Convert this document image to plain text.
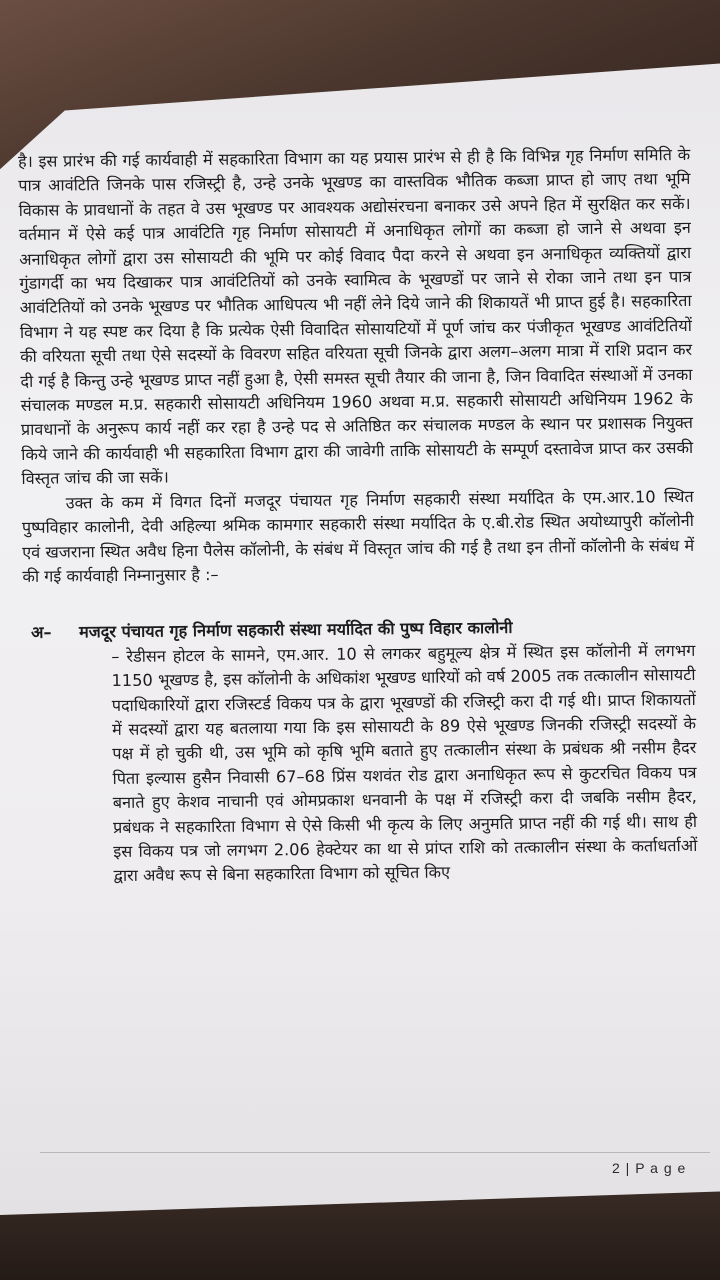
है। इस प्रारंभ की गई कार्यवाही में सहकारिता विभाग का यह प्रयास प्रारंभ से ही है कि विभिन्न गृह निर्माण समिति के पात्र आवंटिति जिनके पास रजिस्ट्री है, उन्हे उनके भूखण्ड का वास्तविक भौतिक कब्जा प्राप्त हो जाए तथा भूमि विकास के प्रावधानों के तहत वे उस भूखण्ड पर आवश्यक अद्योसंरचना बनाकर उसे अपने हित में सुरक्षित कर सकें। वर्तमान में ऐसे कई पात्र आवंटिति गृह निर्माण सोसायटी में अनाधिकृत लोगों का कब्जा हो जाने से अथवा इन अनाधिकृत लोगों द्वारा उस सोसायटी की भूमि पर कोई विवाद पैदा करने से अथवा इन अनाधिकृत व्यक्तियों द्वारा गुंडागर्दी का भय दिखाकर पात्र आवंटितियों को उनके स्वामित्व के भूखण्डों पर जाने से रोका जाने तथा इन पात्र आवंटितियों को उनके भूखण्ड पर भौतिक आधिपत्य भी नहीं लेने दिये जाने की शिकायतें भी प्राप्त हुई है। सहकारिता विभाग ने यह स्पष्ट कर दिया है कि प्रत्येक ऐसी विवादित सोसायटियों में पूर्ण जांच कर पंजीकृत भूखण्ड आवंटितियों की वरियता सूची तथा ऐसे सदस्यों के विवरण सहित वरियता सूची जिनके द्वारा अलग–अलग मात्रा में राशि प्रदान कर दी गई है किन्तु उन्हे भूखण्ड प्राप्त नहीं हुआ है, ऐसी समस्त सूची तैयार की जाना है, जिन विवादित संस्थाओं में उनका संचालक मण्डल म.प्र. सहकारी सोसायटी अधिनियम 1960 अथवा म.प्र. सहकारी सोसायटी अधिनियम 1962 के प्रावधानों के अनुरूप कार्य नहीं कर रहा है उन्हे पद से अतिष्ठित कर संचालक मण्डल के स्थान पर प्रशासक नियुक्त किये जाने की कार्यवाही भी सहकारिता विभाग द्वारा की जावेगी ताकि सोसायटी के सम्पूर्ण दस्तावेज प्राप्त कर उसकी विस्तृत जांच की जा सकें।

उक्त के कम में विगत दिनों मजदूर पंचायत गृह निर्माण सहकारी संस्था मर्यादित के एम.आर.10 स्थित पुष्पविहार कालोनी, देवी अहिल्या श्रमिक कामगार सहकारी संस्था मर्यादित के ए.बी.रोड स्थित अयोध्यापुरी कॉलोनी एवं खजराना स्थित अवैध हिना पैलेस कॉलोनी, के संबंध में विस्तृत जांच की गई है तथा इन तीनों कॉलोनी के संबंध में की गई कार्यवाही निम्नानुसार है :–

अ– मजदूर पंचायत गृह निर्माण सहकारी संस्था मर्यादित की पुष्प विहार कालोनी

– रेडीसन होटल के सामने, एम.आर. 10 से लगकर बहुमूल्य क्षेत्र में स्थित इस कॉलोनी में लगभग 1150 भूखण्ड है, इस कॉलोनी के अधिकांश भूखण्ड धारियों को वर्ष 2005 तक तत्कालीन सोसायटी पदाधिकारियों द्वारा रजिस्टर्ड विकय पत्र के द्वारा भूखण्डों की रजिस्ट्री करा दी गई थी। प्राप्त शिकायतों में सदस्यों द्वारा यह बतलाया गया कि इस सोसायटी के 89 ऐसे भूखण्ड जिनकी रजिस्ट्री सदस्यों के पक्ष में हो चुकी थी, उस भूमि को कृषि भूमि बताते हुए तत्कालीन संस्था के प्रबंधक श्री नसीम हैदर पिता इल्यास हुसैन निवासी 67–68 प्रिंस यशवंत रोड द्वारा अनाधिकृत रूप से कुटरचित विकय पत्र बनाते हुए केशव नाचानी एवं ओमप्रकाश धनवानी के पक्ष में रजिस्ट्री करा दी जबकि नसीम हैदर, प्रबंधक ने सहकारिता विभाग से ऐसे किसी भी कृत्य के लिए अनुमति प्राप्त नहीं की गई थी। साथ ही इस विकय पत्र जो लगभग 2.06 हेक्टेयर का था से प्रांप्त राशि को तत्कालीन संस्था के कर्ताधर्ताओं द्वारा अवैध रूप से बिना सहकारिता विभाग को सूचित किए

2 | P a g e
